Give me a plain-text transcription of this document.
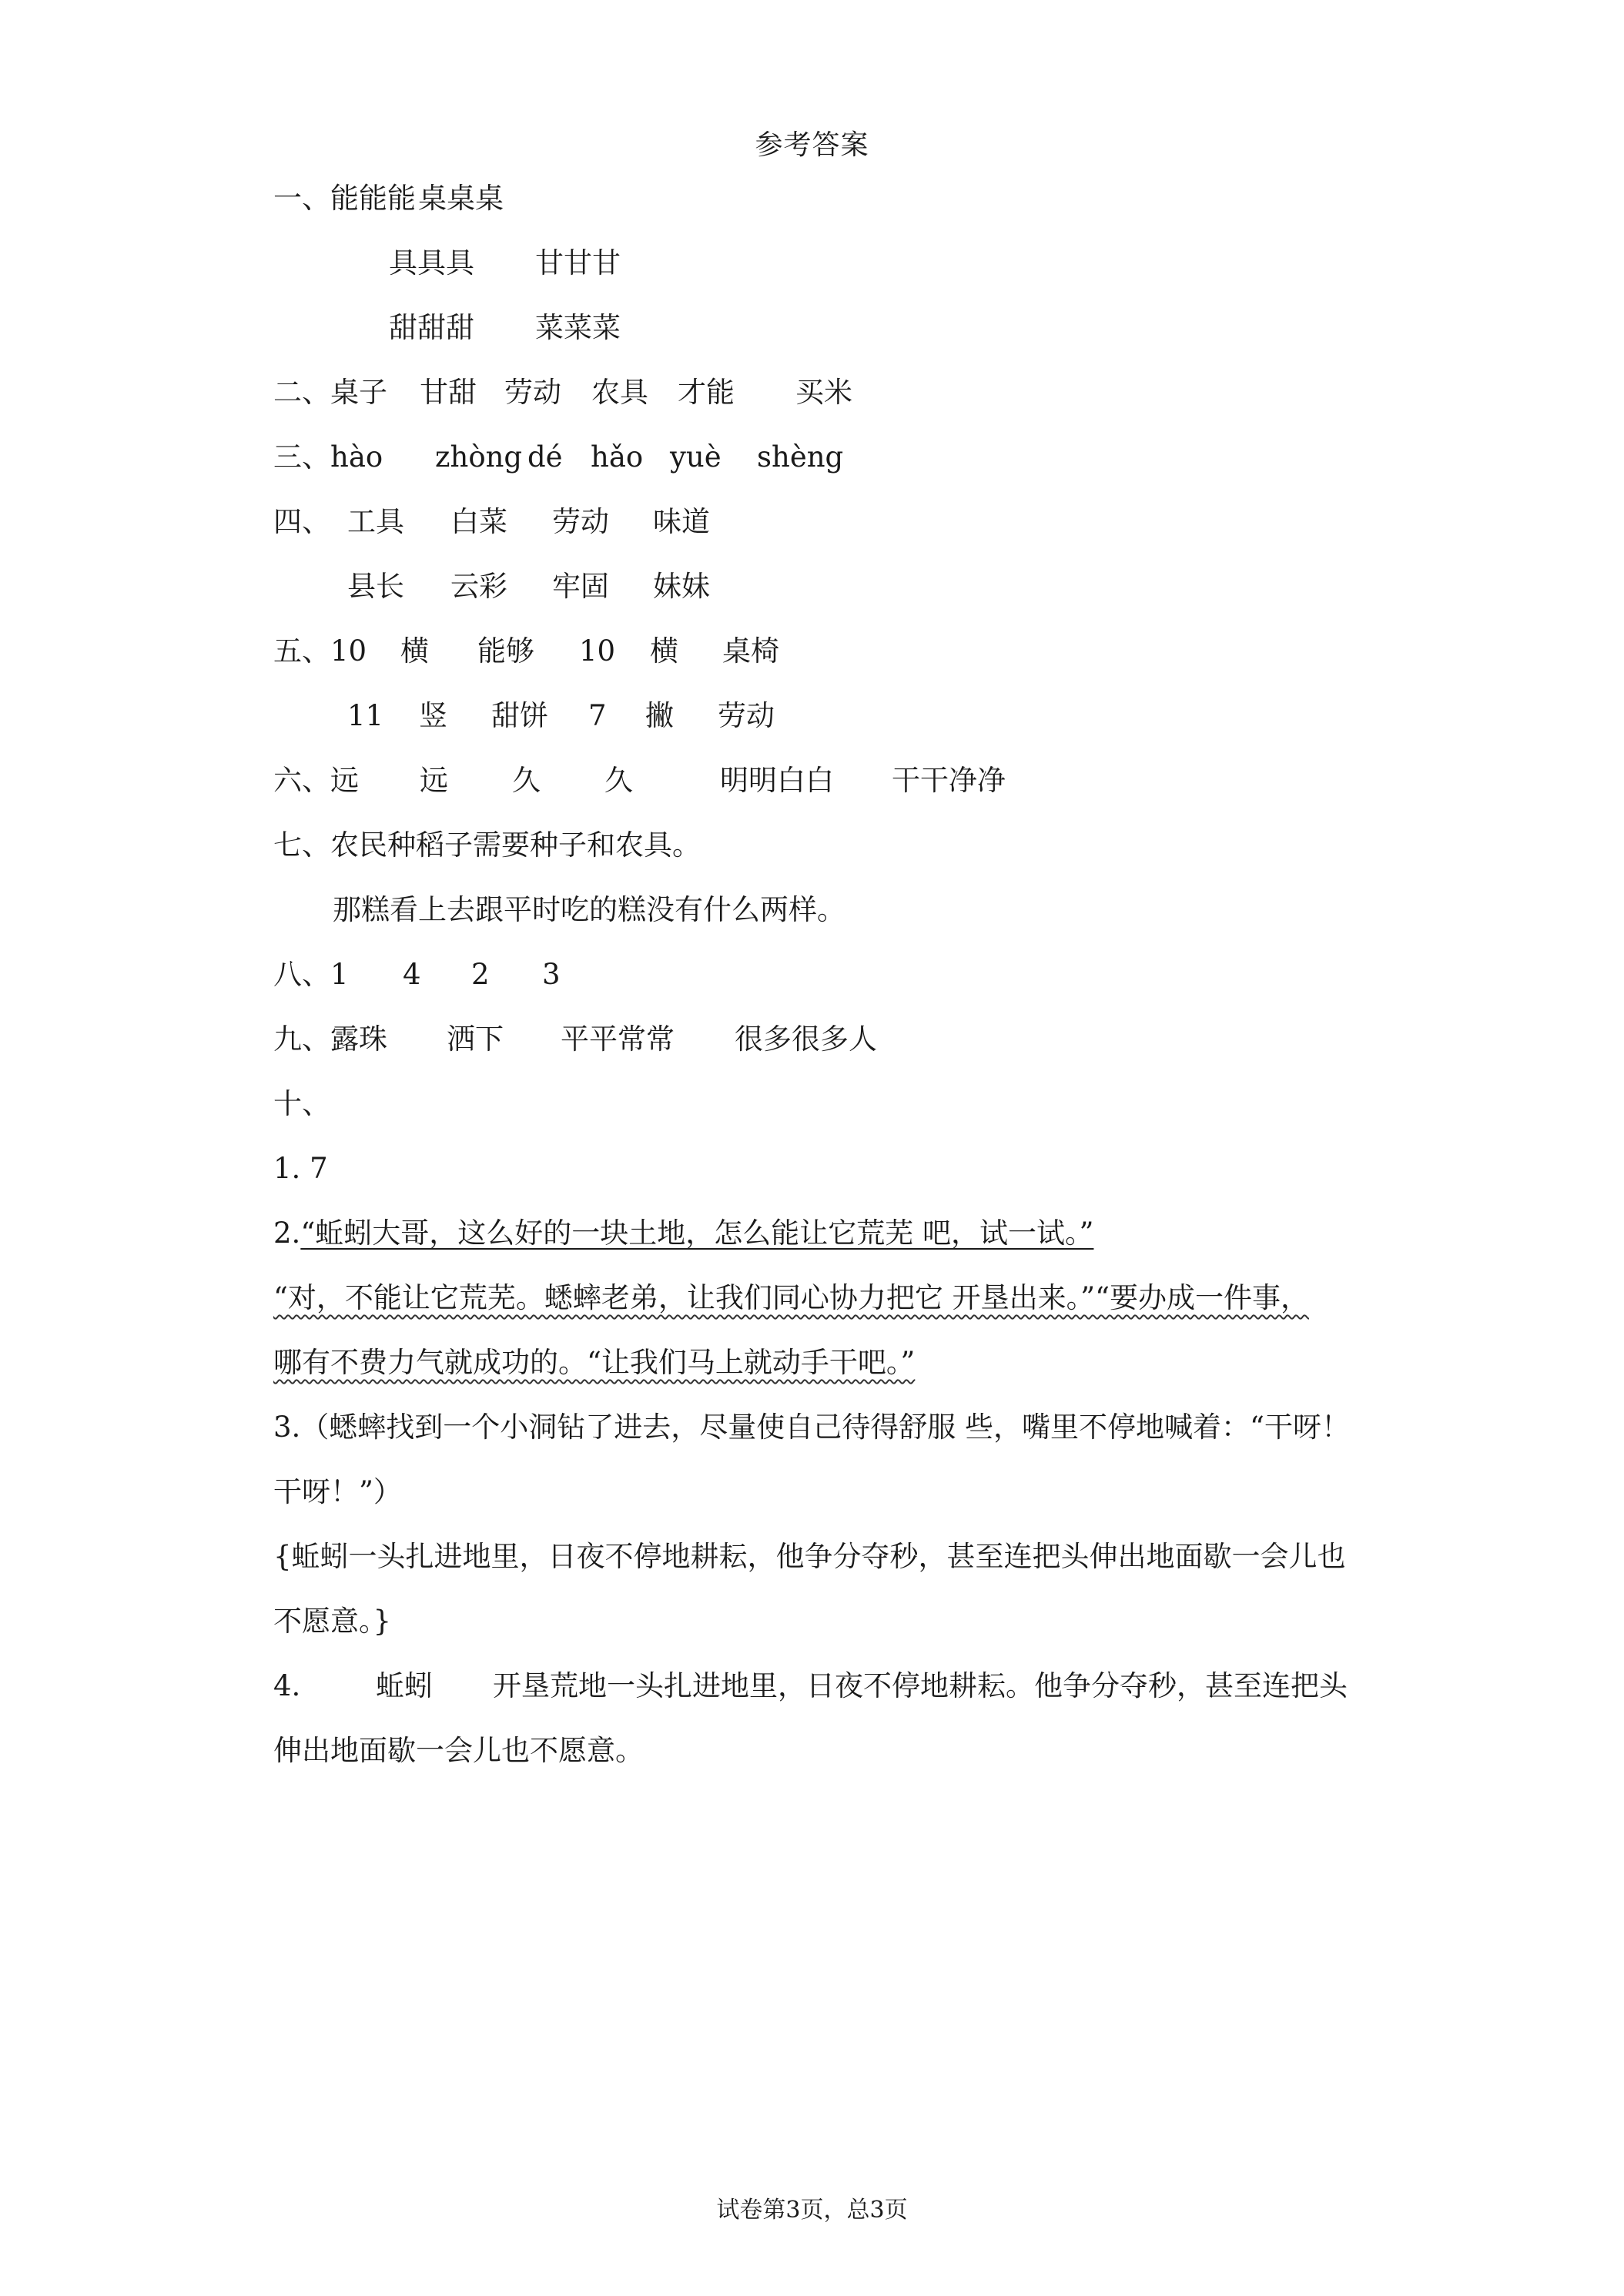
参考答案
一、能能能桌桌桌
具具具 甘甘甘
甜甜甜 菜菜菜
二、桌子 甘甜 劳动 农具 才能 买米
三、hào zhòng dé hǎo yuè shèng
四、 工具 白菜 劳动 味道
县长 云彩 牢固 妹妹
五、10 横 能够 10 横 桌椅
11 竖 甜饼 7 撇 劳动
六、远 远 久 久	明明白白 干干净净
七、农民种稻子需要种子和农具。
那糕看上去跟平时吃的糕没有什么两样。
八、1 4 2 3
九、露珠 洒下 平平常常 很多很多人
十、
1. 7
2.“蚯蚓大哥，这么好的一块土地，怎么能让它荒芜 吧，试一试。”
“对，不能让它荒芜。蟋蟀老弟，让我们同心协力把它 开垦出来。”“要办成一件事，
哪有不费力气就成功的。“让我们马上就动手干吧。”
3.（蟋蟀找到一个小洞钻了进去，尽量使自己待得舒服 些，嘴里不停地喊着：“干呀！
干呀！”）
{蚯蚓一头扎进地里，日夜不停地耕耘，他争分夺秒，甚至连把头伸出地面歇一会儿也
不愿意。}
4.	蚯蚓 开垦荒地一头扎进地里，日夜不停地耕耘。他争分夺秒，甚至连把头
伸出地面歇一会儿也不愿意。
试卷第3页，总3页
